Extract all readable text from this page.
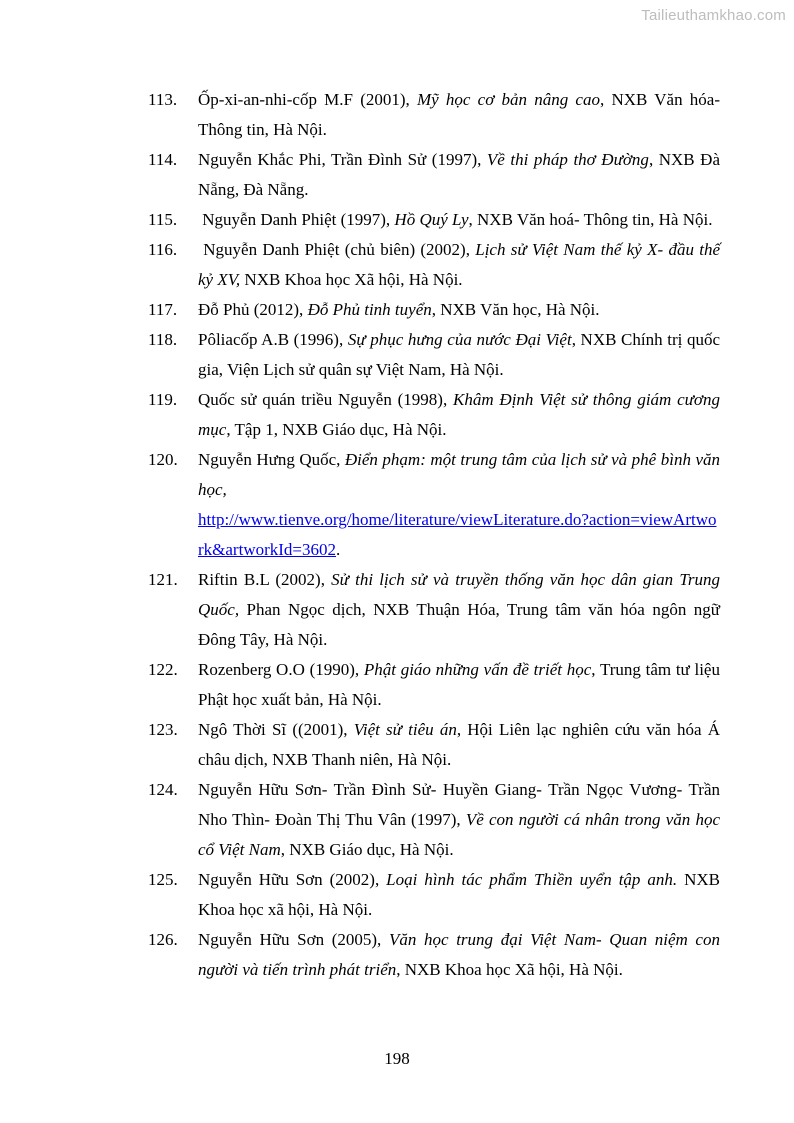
Tailieuthamkhao.com

113.	Ốp-xi-an-nhi-cốp M.F (2001), Mỹ học cơ bản nâng cao, NXB Văn hóa- Thông tin, Hà Nội.

114.	Nguyễn Khắc Phi, Trần Đình Sử (1997), Về thi pháp thơ Đường, NXB Đà Nẵng, Đà Nẵng.

115.	Nguyễn Danh Phiệt (1997), Hồ Quý Ly, NXB Văn hoá- Thông tin, Hà Nội.

116.	Nguyễn Danh Phiệt (chủ biên) (2002), Lịch sử Việt Nam thế kỷ X- đầu thế kỷ XV, NXB Khoa học Xã hội, Hà Nội.

117.	Đỗ Phủ (2012), Đỗ Phủ tinh tuyển, NXB Văn học, Hà Nội.

118.	Pôliacốp A.B (1996), Sự phục hưng của nước Đại Việt, NXB Chính trị quốc gia, Viện Lịch sử quân sự Việt Nam, Hà Nội.

119.	Quốc sử quán triều Nguyễn (1998), Khâm Định Việt sử thông giám cương mục, Tập 1, NXB Giáo dục, Hà Nội.

120.	Nguyễn Hưng Quốc, Điển phạm: một trung tâm của lịch sử và phê bình văn học,
http://www.tienve.org/home/literature/viewLiterature.do?action=viewArtwork&artworkId=3602.

121.	Riftin B.L (2002), Sử thi lịch sử và truyền thống văn học dân gian Trung Quốc, Phan Ngọc dịch, NXB Thuận Hóa, Trung tâm văn hóa ngôn ngữ Đông Tây, Hà Nội.

122.	Rozenberg O.O (1990), Phật giáo những vấn đề triết học, Trung tâm tư liệu Phật học xuất bản, Hà Nội.

123.	Ngô Thời Sĩ ((2001), Việt sử tiêu án, Hội Liên lạc nghiên cứu văn hóa Á châu dịch, NXB Thanh niên, Hà Nội.

124.	Nguyễn Hữu Sơn- Trần Đình Sử- Huyền Giang- Trần Ngọc Vương- Trần Nho Thìn- Đoàn Thị Thu Vân (1997), Về con người cá nhân trong văn học cổ Việt Nam, NXB Giáo dục, Hà Nội.

125.	Nguyễn Hữu Sơn (2002), Loại hình tác phẩm Thiền uyển tập anh. NXB Khoa học xã hội, Hà Nội.

126.	Nguyễn Hữu Sơn (2005), Văn học trung đại Việt Nam- Quan niệm con người và tiến trình phát triển, NXB Khoa học Xã hội, Hà Nội.

198
